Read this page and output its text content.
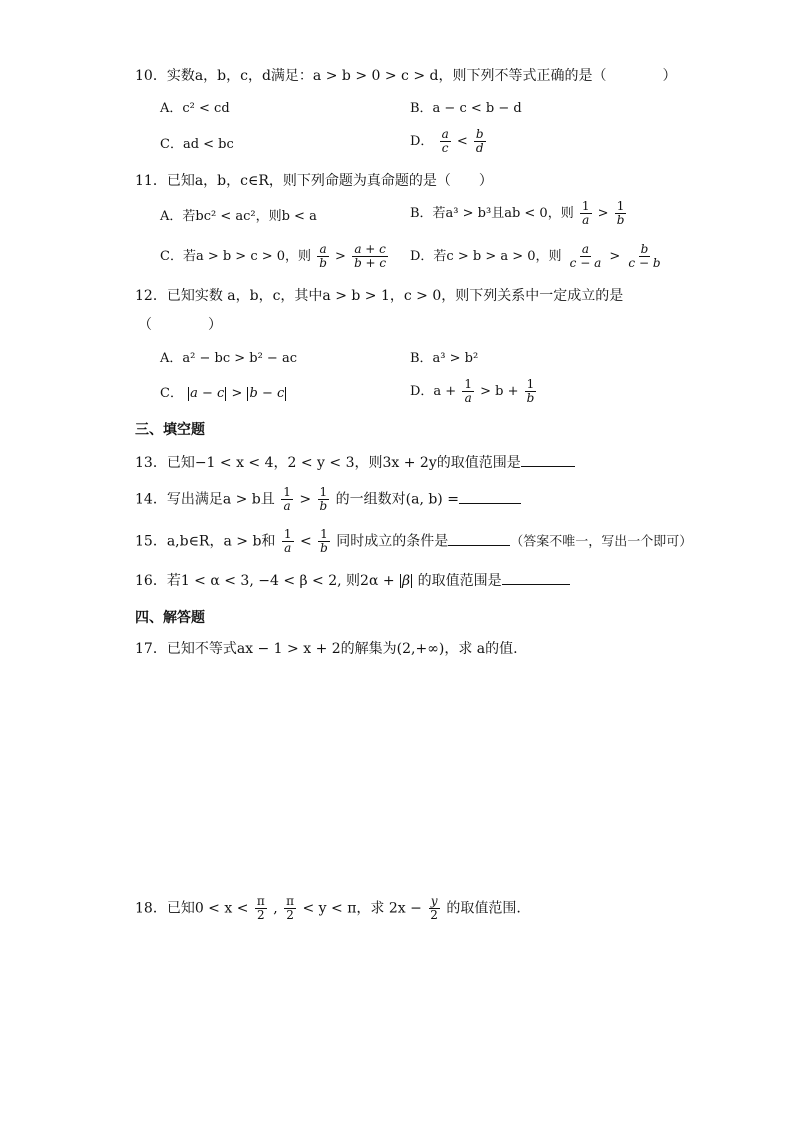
10．实数a，b，c，d满足：a > b > 0 > c > d，则下列不等式正确的是（　　　　）
A．c² < cd	B．a − c < b − d
C．ad < bc	D． $\frac{a}{c} < \frac{b}{d}$
11．已知a，b，c∈R，则下列命题为真命题的是（　　）
A．若bc² < ac²，则b < a	B．若a³ > b³且ab < 0，则 $\frac{1}{a} > \frac{1}{b}$
C．若a > b > c > 0，则 $\frac{a}{b} > \frac{a + c}{b + c}$ D．若c > b > a > 0，则 $\frac{a}{c - a} > \frac{b}{c - b}$
12．已知实数 a，b，c，其中a > b > 1，c > 0，则下列关系中一定成立的是
（　　　　）
A．a² − bc > b² − ac	B．a³ > b²
C． a − c > b − c	D．$a + \frac{1}{a} > b + \frac{1}{b}$
三、填空题
13．已知−1 < x < 4，2 < y < 3，则3x + 2y的取值范围是
14．写出满足a > b且 $\frac{1}{a} > \frac{1}{b}$ 的一组数对(a, b) =
15．a,b∈R，a > b和 $\frac{1}{a} < \frac{1}{b}$ 同时成立的条件是	（答案不唯一，写出一个即可）
16．若1 < α < 3, −4 < β < 2, 则2α + β 的取值范围是
四、解答题
17．已知不等式ax − 1 > x + 2的解集为(2,+∞)，求 a的值.
18．已知$0 < x < \frac{\pi}{2}$ , $\frac{\pi}{2} < y < \pi$，求 $2x - \frac{y}{2}$ 的取值范围.
